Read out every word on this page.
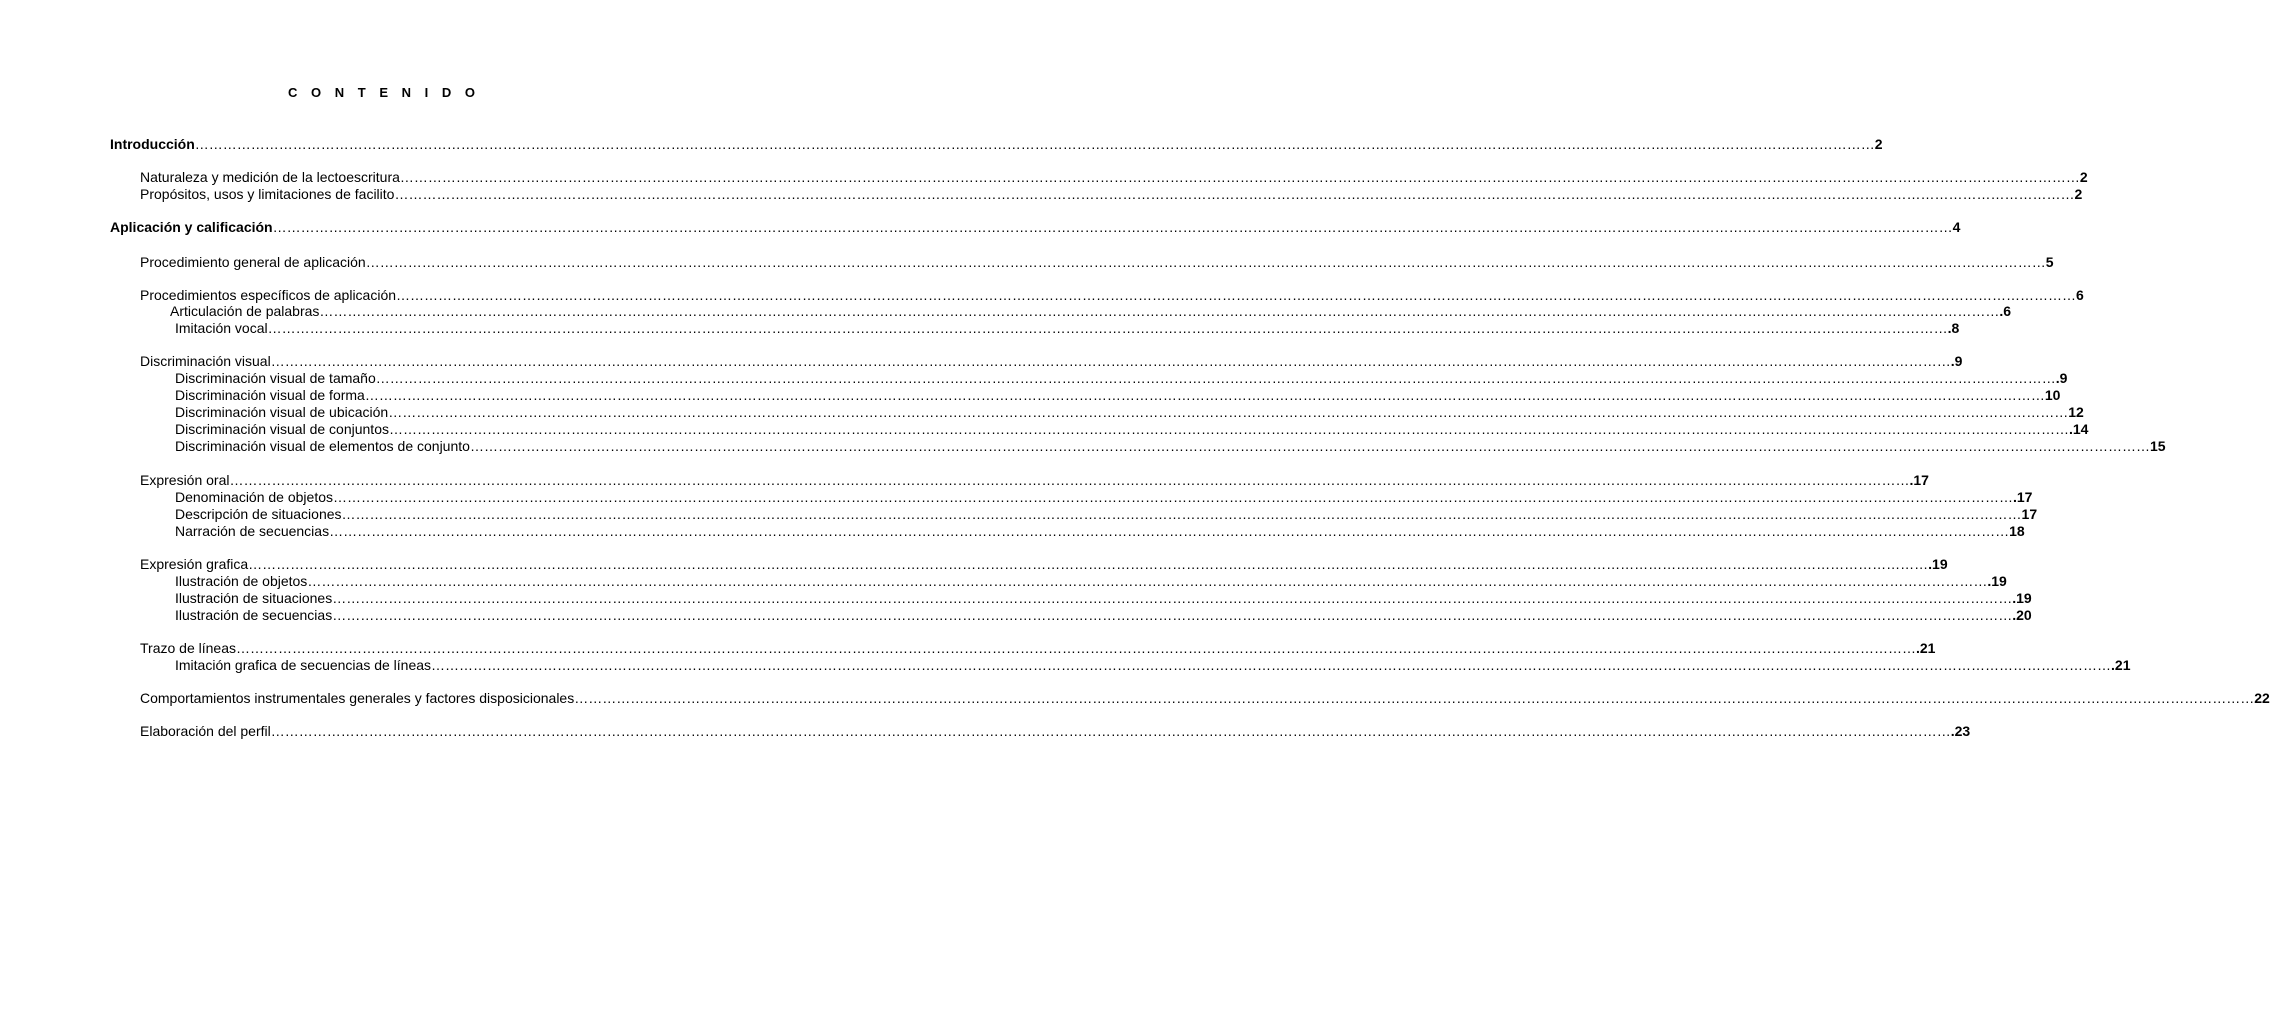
C O N T E N I D O
Introducción ……………………………………………………………………………………………………………………………………………………………………………………………………………………………………………………………………………………………………………………………… 2
Naturaleza y medición de la lectoescritura ……………………………………………………………………………………………………………………………………………………………………………………………………………………………………………………………………………………………………………………………… 2
Propósitos, usos y limitaciones de facilito ……………………………………………………………………………………………………………………………………………………………………………………………………………………………………………………………………………………………………………………………… 2
Aplicación y calificación ……………………………………………………………………………………………………………………………………………………………………………………………………………………………………………………………………………………………………………………………… 4
Procedimiento general de aplicación ……………………………………………………………………………………………………………………………………………………………………………………………………………………………………………………………………………………………………………………………… 5
Procedimientos específicos de aplicación ……………………………………………………………………………………………………………………………………………………………………………………………………………………………………………………………………………………………………………………………… 6
Articulación de palabras ……………………………………………………………………………………………………………………………………………………………………………………………………………………………………………………………………………………………………………………………… .6
Imitación vocal ……………………………………………………………………………………………………………………………………………………………………………………………………………………………………………………………………………………………………………………………… .8
Discriminación visual ……………………………………………………………………………………………………………………………………………………………………………………………………………………………………………………………………………………………………………………………… .9
Discriminación visual de tamaño ……………………………………………………………………………………………………………………………………………………………………………………………………………………………………………………………………………………………………………………………… .9
Discriminación visual de forma ……………………………………………………………………………………………………………………………………………………………………………………………………………………………………………………………………………………………………………………………… 10
Discriminación visual de ubicación ……………………………………………………………………………………………………………………………………………………………………………………………………………………………………………………………………………………………………………………………… 12
Discriminación visual de conjuntos ……………………………………………………………………………………………………………………………………………………………………………………………………………………………………………………………………………………………………………………………… .14
Discriminación visual de elementos de conjunto ……………………………………………………………………………………………………………………………………………………………………………………………………………………………………………………………………………………………………………………………… 15
Expresión oral ……………………………………………………………………………………………………………………………………………………………………………………………………………………………………………………………………………………………………………………………… .17
Denominación de objetos ……………………………………………………………………………………………………………………………………………………………………………………………………………………………………………………………………………………………………………………………… .17
Descripción de situaciones ……………………………………………………………………………………………………………………………………………………………………………………………………………………………………………………………………………………………………………………………… 17
Narración de secuencias ……………………………………………………………………………………………………………………………………………………………………………………………………………………………………………………………………………………………………………………………… 18
Expresión grafica ……………………………………………………………………………………………………………………………………………………………………………………………………………………………………………………………………………………………………………………………… .19
Ilustración de objetos ……………………………………………………………………………………………………………………………………………………………………………………………………………………………………………………………………………………………………………………………… .19
Ilustración de situaciones ……………………………………………………………………………………………………………………………………………………………………………………………………………………………………………………………………………………………………………………………… .19
Ilustración de secuencias ……………………………………………………………………………………………………………………………………………………………………………………………………………………………………………………………………………………………………………………………… .20
Trazo de líneas ……………………………………………………………………………………………………………………………………………………………………………………………………………………………………………………………………………………………………………………………… .21
Imitación grafica de secuencias de líneas ……………………………………………………………………………………………………………………………………………………………………………………………………………………………………………………………………………………………………………………………… .21
Comportamientos instrumentales generales y factores disposicionales ……………………………………………………………………………………………………………………………………………………………………………………………………………………………………………………………………………………………………………………………… 22
Elaboración del perfil ……………………………………………………………………………………………………………………………………………………………………………………………………………………………………………………………………………………………………………………………… .23
